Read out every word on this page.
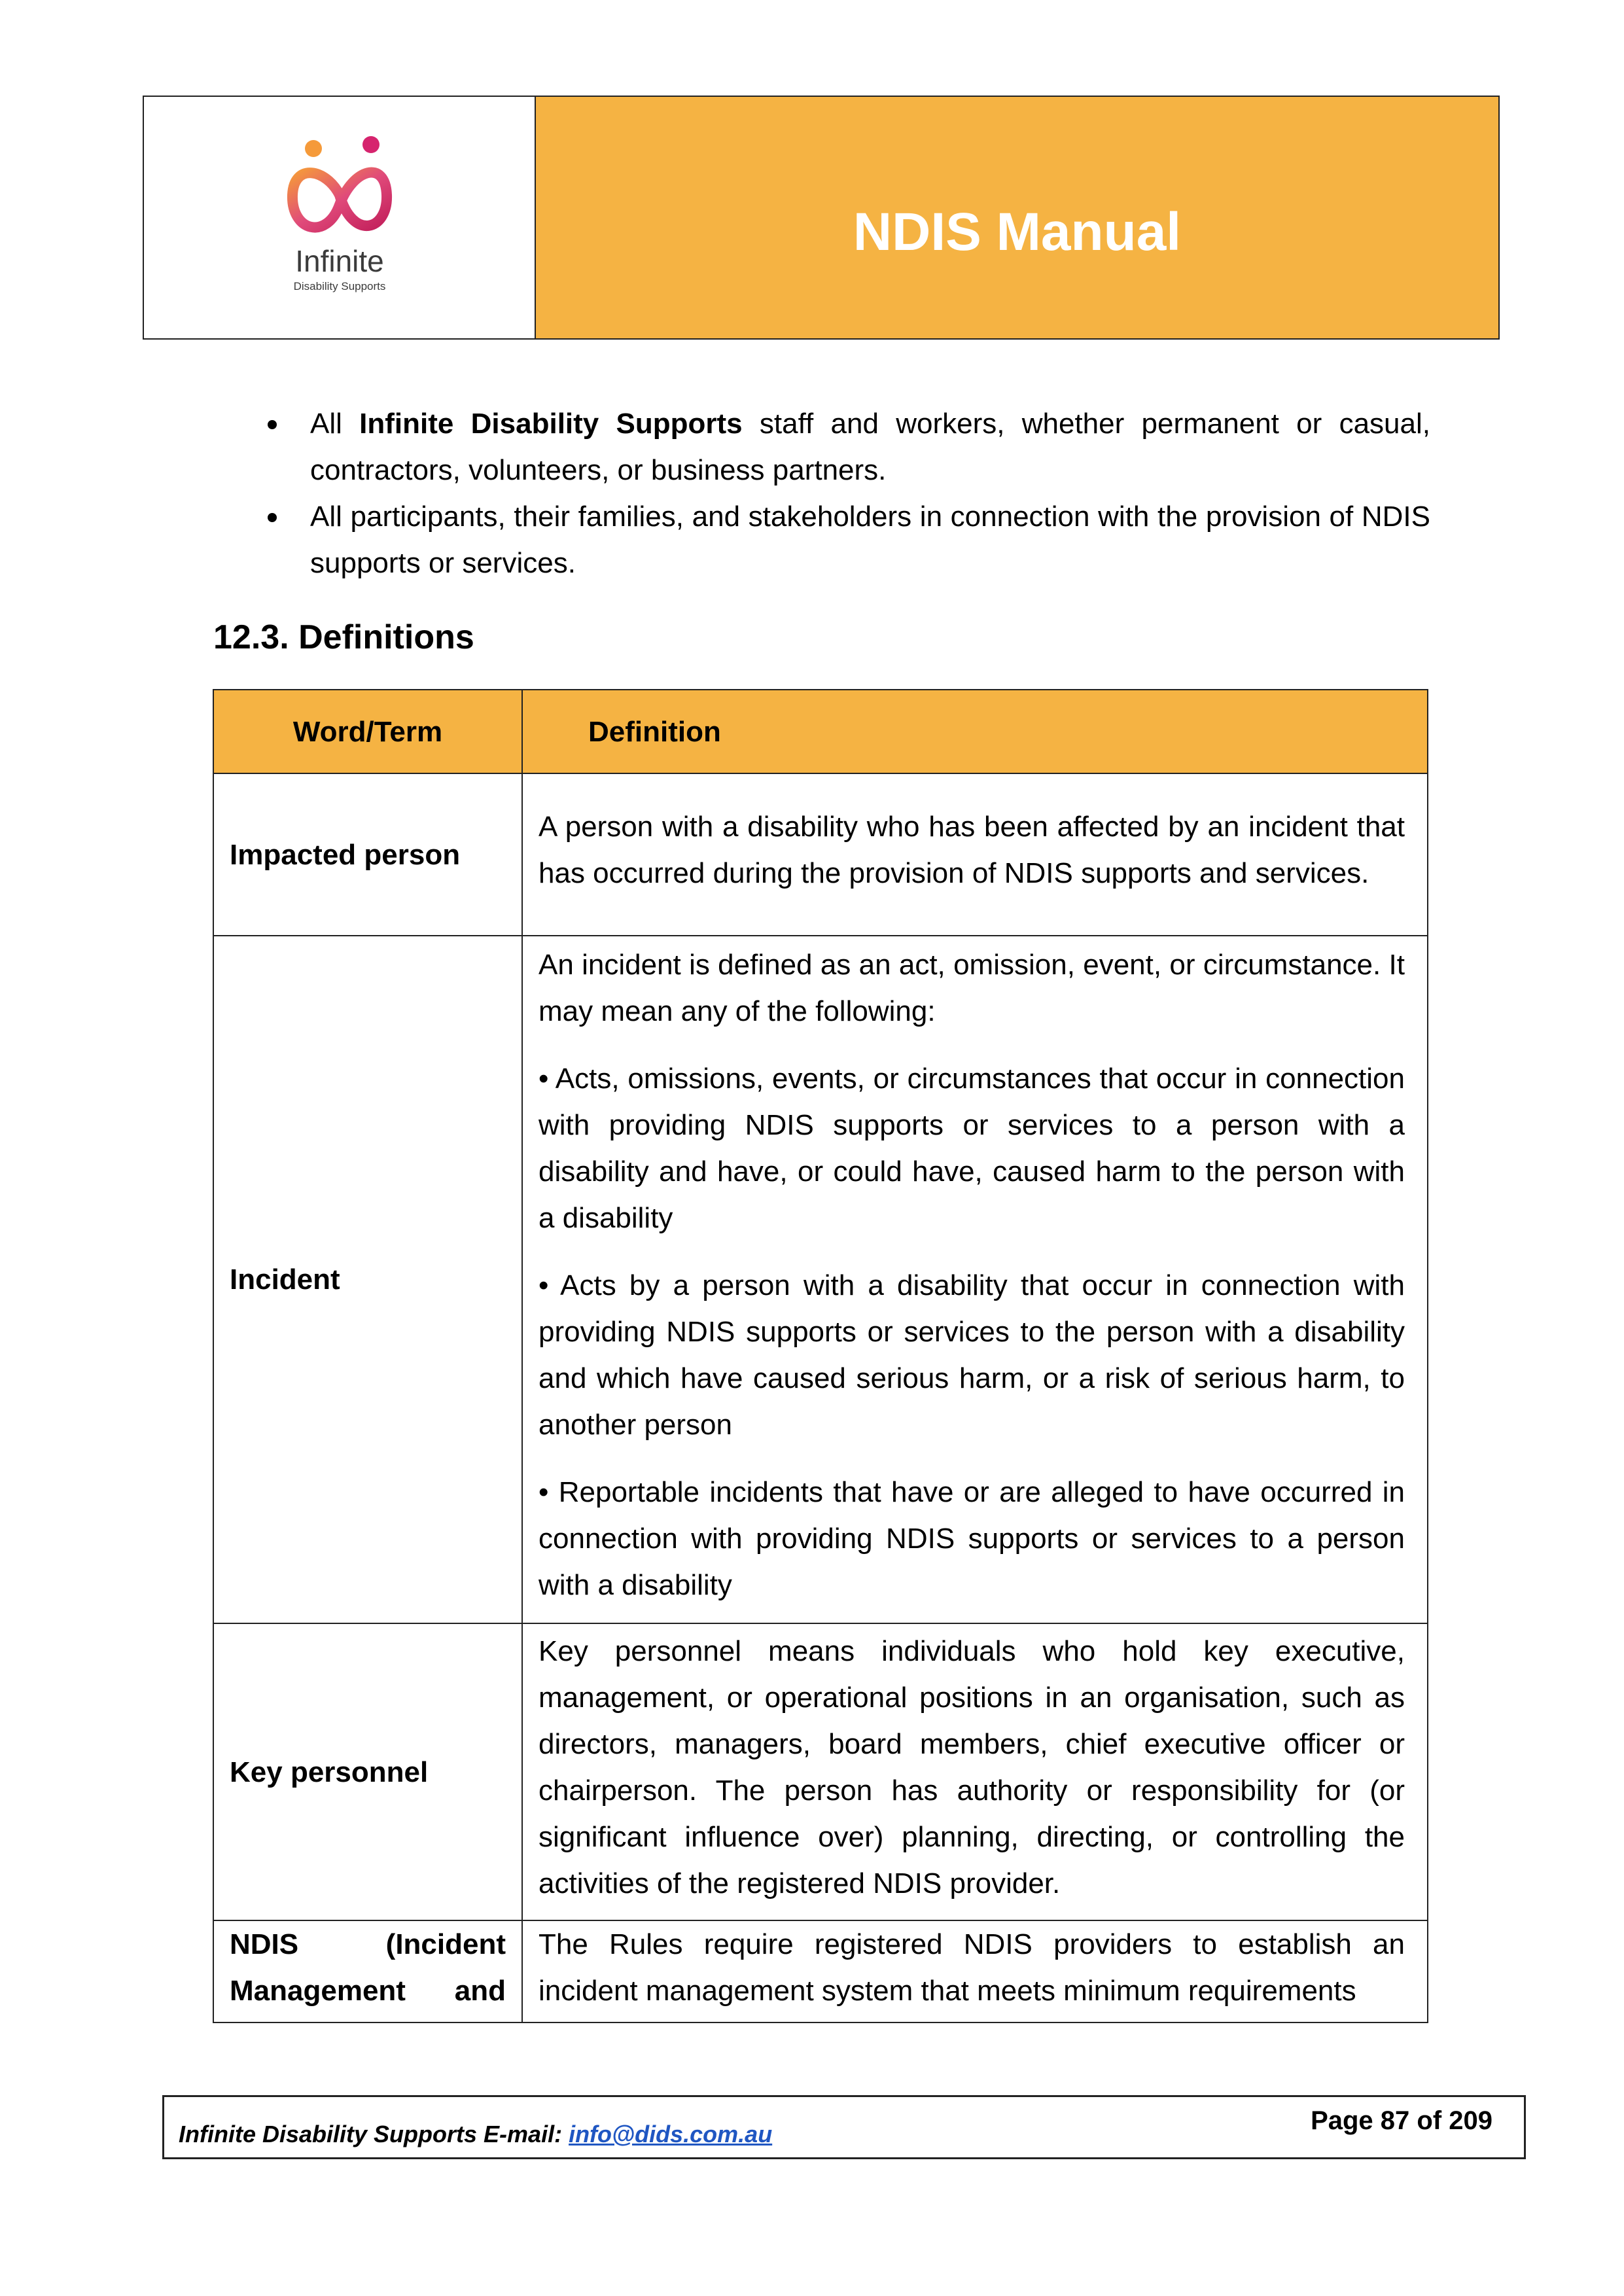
Infinite
Disability Supports
NDIS Manual

All Infinite Disability Supports staff and workers, whether permanent or casual, contractors, volunteers, or business partners.

All participants, their families, and stakeholders in connection with the provision of NDIS supports or services.

12.3. Definitions
Word/Term	Definition
Impacted person	A person with a disability who has been affected by an incident that has occurred during the provision of NDIS supports and services.

Incident	An incident is defined as an act, omission, event, or circumstance. It may mean any of the following:

• Acts, omissions, events, or circumstances that occur in connection with providing NDIS supports or services to a person with a disability and have, or could have, caused harm to the person with a disability

• Acts by a person with a disability that occur in connection with providing NDIS supports or services to the person with a disability and which have caused serious harm, or a risk of serious harm, to another person

• Reportable incidents that have or are alleged to have occurred in connection with providing NDIS supports or services to a person with a disability

Key personnel	Key personnel means individuals who hold key executive, management, or operational positions in an organisation, such as directors, managers, board members, chief executive officer or chairperson. The person has authority or responsibility for (or significant influence over) planning, directing, or controlling the activities of the registered NDIS provider.

NDIS (Incident Management and	The Rules require registered NDIS providers to establish an incident management system that meets minimum requirements

Infinite Disability Supports E-mail: info@dids.com.au	Page 87 of 209
